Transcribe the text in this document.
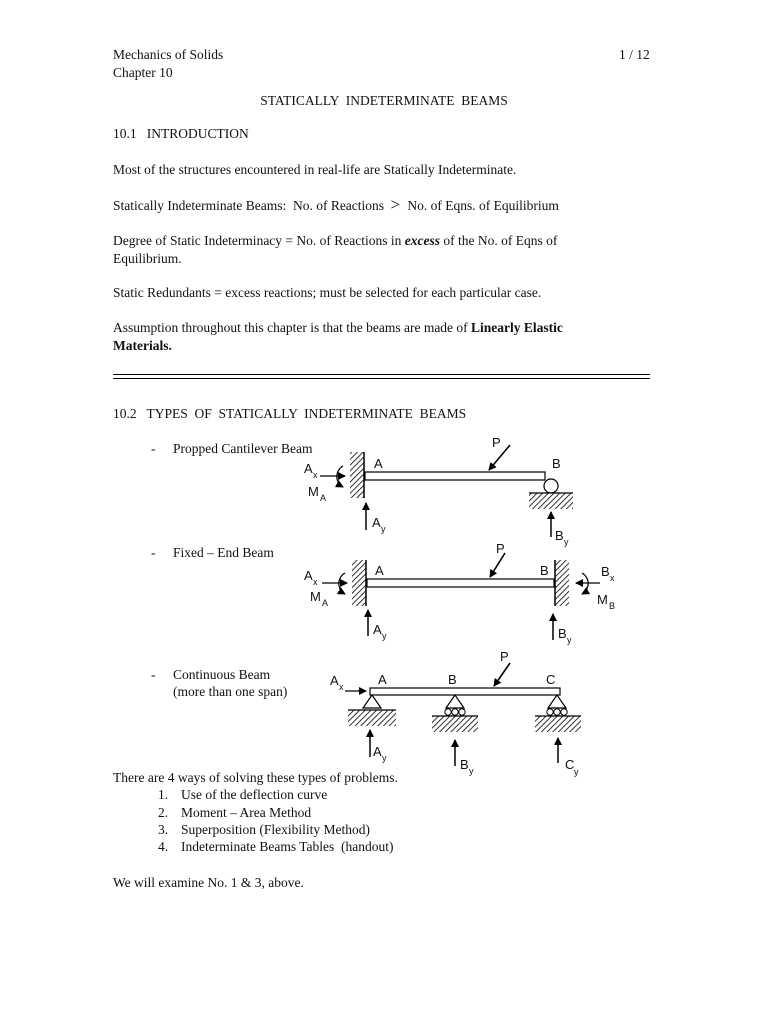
Mechanics of Solids	1 / 12
Chapter 10
STATICALLY  INDETERMINATE  BEAMS
10.1   INTRODUCTION
Most of the structures encountered in real-life are Statically Indeterminate.
Statically Indeterminate Beams:  No. of Reactions > No. of Eqns. of Equilibrium
Degree of Static Indeterminacy = No. of Reactions in excess of the No. of Eqns of
Equilibrium.
Static Redundants = excess reactions; must be selected for each particular case.
Assumption throughout this chapter is that the beams are made of Linearly Elastic
Materials.
10.2   TYPES  OF  STATICALLY  INDETERMINATE  BEAMS
- Propped Cantilever Beam
- Fixed – End Beam
- Continuous Beam
(more than one span)
P
A	B
A x
M A
A y	B y
P
A	B
A x
M A
B x
M B
A y	B y
P
A	B	C
A x
A y	B y	C y
There are 4 ways of solving these types of problems.
1. Use of the deflection curve
2. Moment – Area Method
3. Superposition (Flexibility Method)
4. Indeterminate Beams Tables  (handout)
We will examine No. 1 & 3, above.
